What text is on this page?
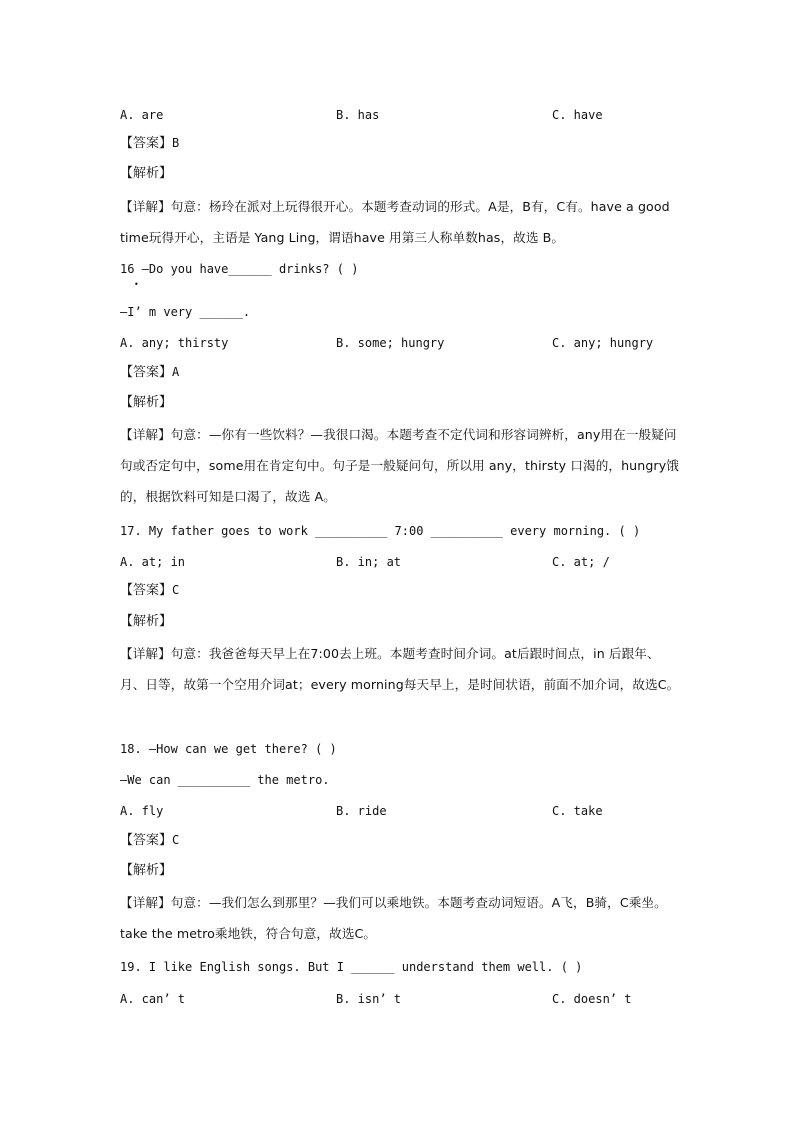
A. are	B. has	C. have
【答案】B
【解析】
【详解】句意：杨玲在派对上玩得很开心。本题考查动词的形式。A是，B有，C有。have a good time玩得开心，主语是 Yang Ling，谓语have 用第三人称单数has，故选 B。
16 —Do you have______ drinks? ( )
•
—I’ m very ______.
A. any; thirsty	B. some; hungry	C. any; hungry
【答案】A
【解析】
【详解】句意：—你有一些饮料？—我很口渴。本题考查不定代词和形容词辨析，any用在一般疑问句或否定句中，some用在肯定句中。句子是一般疑问句，所以用 any，thirsty 口渴的，hungry饿的，根据饮料可知是口渴了，故选 A。
17. My father goes to work __________ 7:00 __________ every morning. ( )
A. at; in	B. in; at	C. at; /
【答案】C
【解析】
【详解】句意：我爸爸每天早上在7:00去上班。本题考查时间介词。at后跟时间点，in 后跟年、月、日等，故第一个空用介词at；every morning每天早上，是时间状语，前面不加介词，故选C。
18. —How can we get there? ( )
—We can __________ the metro.
A. fly	B. ride	C. take
【答案】C
【解析】
【详解】句意：—我们怎么到那里？—我们可以乘地铁。本题考查动词短语。A飞，B骑，C乘坐。take the metro乘地铁，符合句意，故选C。
19. I like English songs. But I ______ understand them well. ( )
A. can’ t	B. isn’ t	C. doesn’ t
